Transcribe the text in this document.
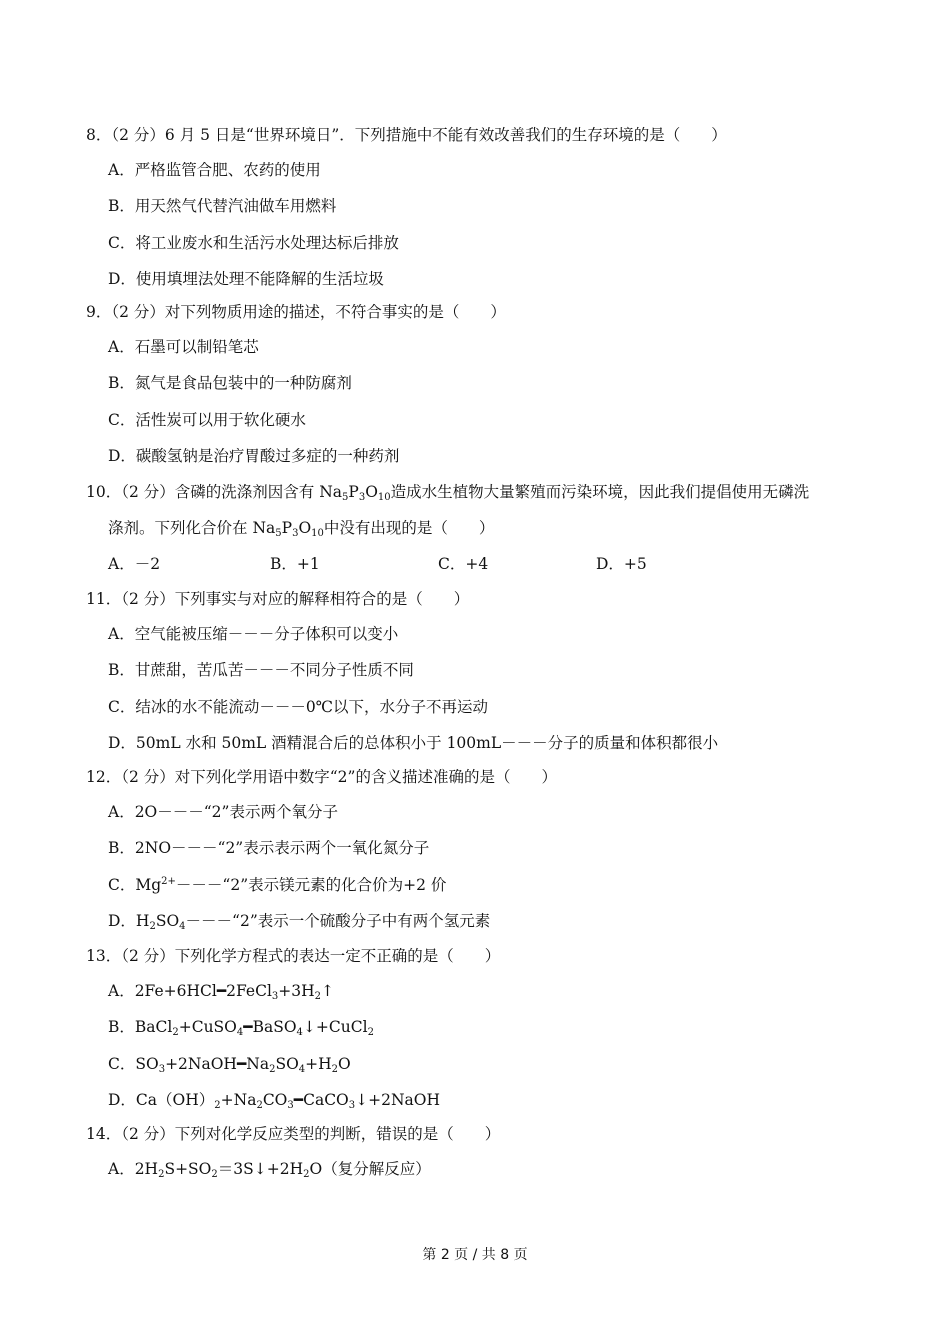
8．（2 分）6 月 5 日是“世界环境日”．下列措施中不能有效改善我们的生存环境的是（　　）
A．严格监管合肥、农药的使用
B．用天然气代替汽油做车用燃料
C．将工业废水和生活污水处理达标后排放
D．使用填埋法处理不能降解的生活垃圾
9．（2 分）对下列物质用途的描述，不符合事实的是（　　）
A．石墨可以制铅笔芯
B．氮气是食品包装中的一种防腐剂
C．活性炭可以用于软化硬水
D．碳酸氢钠是治疗胃酸过多症的一种药剂
10．（2 分）含磷的洗涤剂因含有 $Na_5P_3O_{10}$造成水生植物大量繁殖而污染环境，因此我们提倡使用无磷洗
涤剂。下列化合价在 $Na_5P_3O_{10}$中没有出现的是（　　）
A．－2	B．+1	C．+4	D．+5
11．（2 分）下列事实与对应的解释相符合的是（　　）
A．空气能被压缩－－－分子体积可以变小
B．甘蔗甜，苦瓜苦－－－不同分子性质不同
C．结冰的水不能流动－－－0℃以下，水分子不再运动
D．50mL 水和 50mL 酒精混合后的总体积小于 100mL－－－分子的质量和体积都很小
12．（2 分）对下列化学用语中数字“2”的含义描述准确的是（　　）
A．2O－－－“2”表示两个氧分子
B．2NO－－－“2”表示表示两个一氧化氮分子
C．$Mg^{2+}---“2$”表示镁元素的化合价为+2 价
D．$H_2SO_4---“2$”表示一个硫酸分子中有两个氢元素
13．（2 分）下列化学方程式的表达一定不正确的是（　　）
A．$2Fe+6HCl━2FeCl_3+3H_2↑$
B．BaCl$_2$+CuSO$_4$━BaSO$_4$↓+CuCl$_2$
C．$SO_3+2NaOH━Na_2SO_4+H_2O$
D．$Ca(OH)_2+Na_2CO_3━CaCO_3↓+2NaOH$
14．（2 分）下列对化学反应类型的判断，错误的是（　　）
A．$2H_2S+SO_2=3S↓+2H_2O$（复分解反应）
第 2 页 / 共 8 页
